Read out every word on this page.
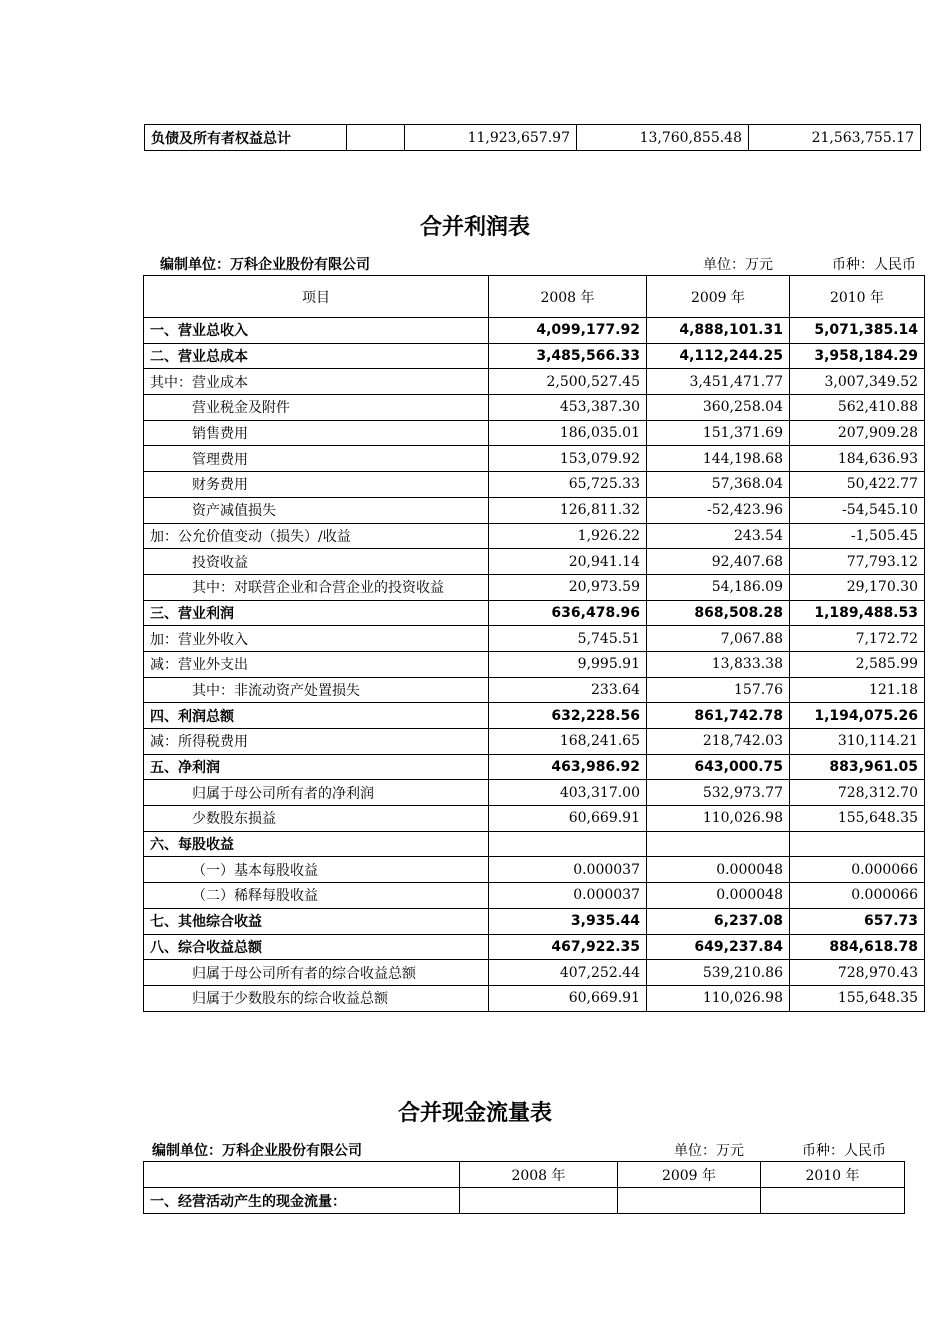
负债及所有者权益总计		11,923,657.97	13,760,855.48	21,563,755.17
合并利润表
编制单位：万科企业股份有限公司	单位：万元	币种：人民币
项目	2008 年	2009 年	2010 年
一、营业总收入	4,099,177.92	4,888,101.31	5,071,385.14
二、营业总成本	3,485,566.33	4,112,244.25	3,958,184.29
其中：营业成本	2,500,527.45	3,451,471.77	3,007,349.52
营业税金及附件	453,387.30	360,258.04	562,410.88
销售费用	186,035.01	151,371.69	207,909.28
管理费用	153,079.92	144,198.68	184,636.93
财务费用	65,725.33	57,368.04	50,422.77
资产减值损失	126,811.32	-52,423.96	-54,545.10
加：公允价值变动（损失）/收益	1,926.22	243.54	-1,505.45
投资收益	20,941.14	92,407.68	77,793.12
其中：对联营企业和合营企业的投资收益	20,973.59	54,186.09	29,170.30
三、营业利润	636,478.96	868,508.28	1,189,488.53
加：营业外收入	5,745.51	7,067.88	7,172.72
减：营业外支出	9,995.91	13,833.38	2,585.99
其中：非流动资产处置损失	233.64	157.76	121.18
四、利润总额	632,228.56	861,742.78	1,194,075.26
减：所得税费用	168,241.65	218,742.03	310,114.21
五、净利润	463,986.92	643,000.75	883,961.05
归属于母公司所有者的净利润	403,317.00	532,973.77	728,312.70
少数股东损益	60,669.91	110,026.98	155,648.35
六、每股收益			
（一）基本每股收益	0.000037	0.000048	0.000066
（二）稀释每股收益	0.000037	0.000048	0.000066
七、其他综合收益	3,935.44	6,237.08	657.73
八、综合收益总额	467,922.35	649,237.84	884,618.78
归属于母公司所有者的综合收益总额	407,252.44	539,210.86	728,970.43
归属于少数股东的综合收益总额	60,669.91	110,026.98	155,648.35
合并现金流量表
编制单位：万科企业股份有限公司	单位：万元	币种：人民币
	2008 年	2009 年	2010 年
一、经营活动产生的现金流量：			
